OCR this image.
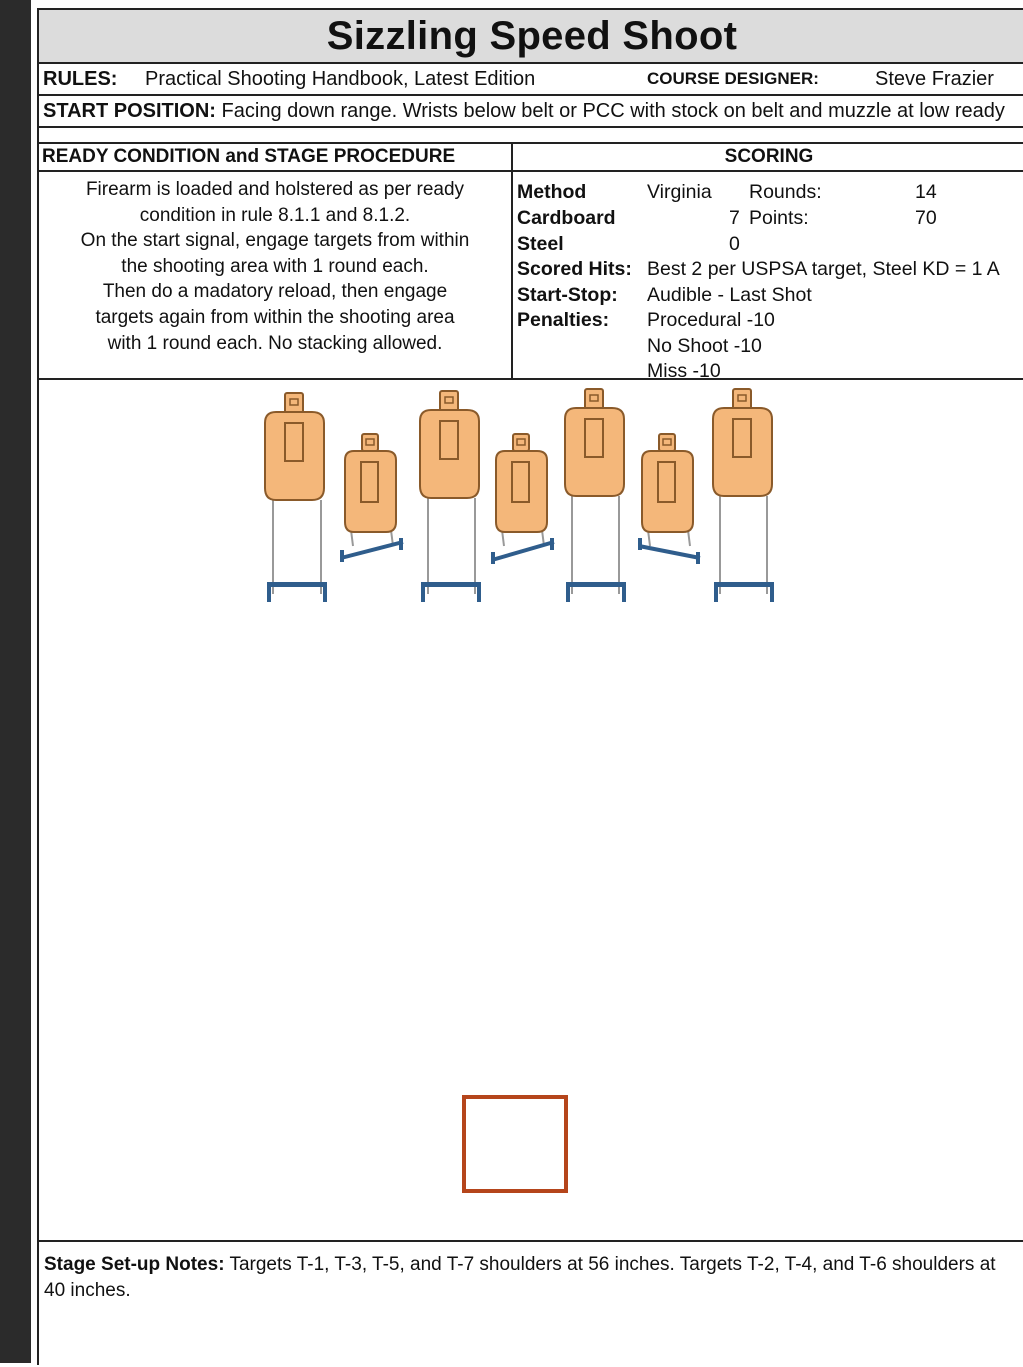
Sizzling Speed Shoot
RULES: Practical Shooting Handbook, Latest Edition	COURSE DESIGNER:	Steve Frazier
START POSITION: Facing down range. Wrists below belt or PCC with stock on belt and muzzle at low ready
READY CONDITION and STAGE PROCEDURE	SCORING
Firearm is loaded and holstered as per ready
condition in rule 8.1.1 and 8.1.2.
On the start signal, engage targets from within
the shooting area with 1 round each.
Then do a madatory reload, then engage
targets again from within the shooting area
with 1 round each. No stacking allowed.
Method	Virginia Rounds:	14
Cardboard	7 Points:	70
Steel	0
Scored Hits: Best 2 per USPSA target, Steel KD = 1 A
Start-Stop: Audible - Last Shot
Penalties: Procedural -10
No Shoot -10
Miss -10
Stage Set-up Notes: Targets T-1, T-3, T-5, and T-7 shoulders at 56 inches. Targets T-2, T-4, and T-6 shoulders at 40 inches.
